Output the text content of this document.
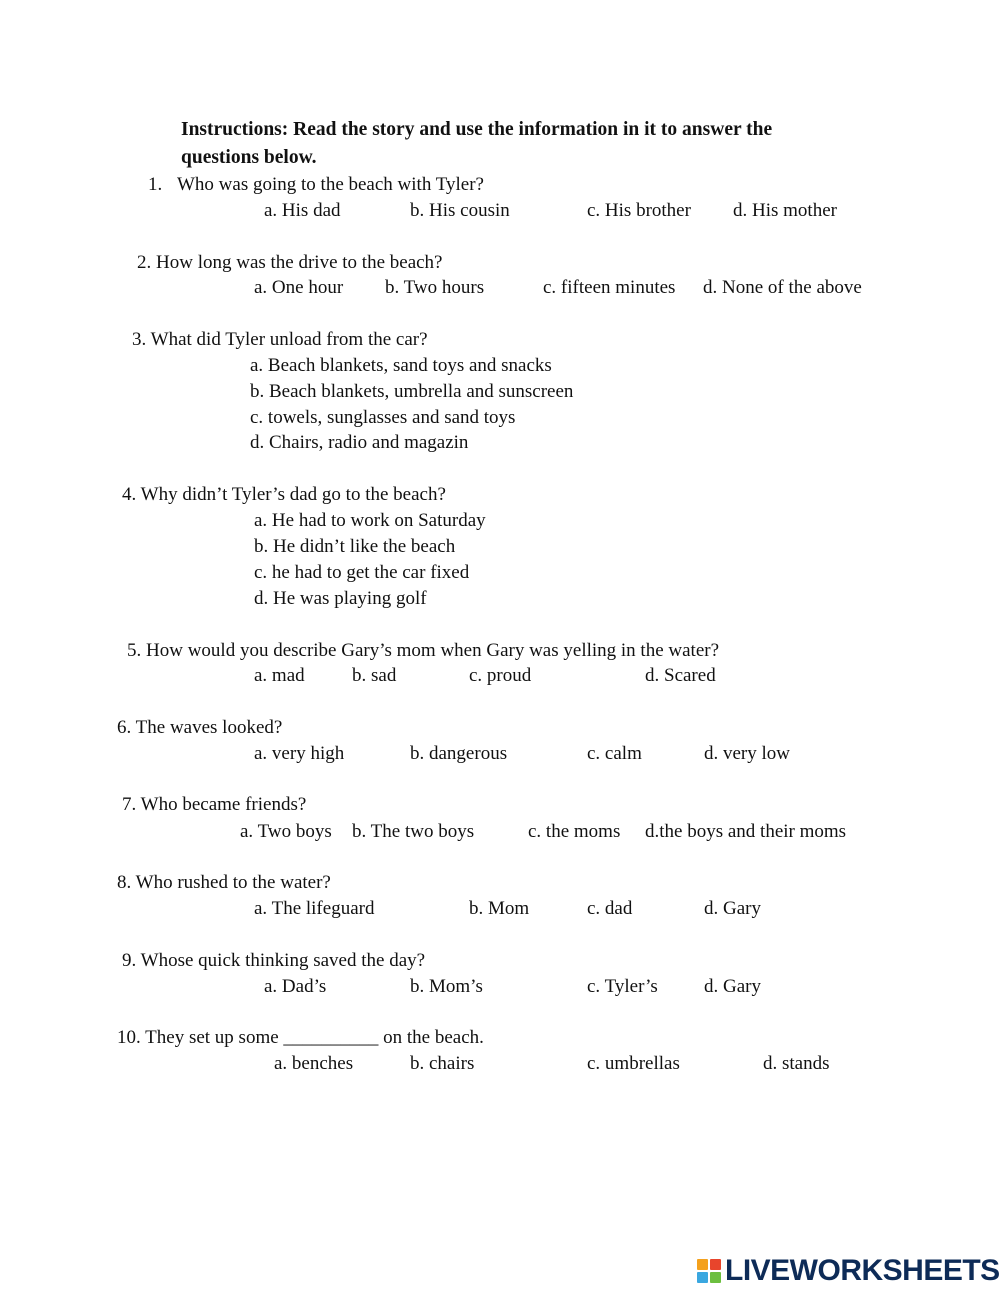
Instructions: Read the story and use the information in it to answer the
questions below.
1. Who was going to the beach with Tyler?
a. His dad	b. His cousin	c. His brother d. His mother
2. How long was the drive to the beach?
a. One hour b. Two hours	c. fifteen minutes d. None of the above
3. What did Tyler unload from the car?
a. Beach blankets, sand toys and snacks
b. Beach blankets, umbrella and sunscreen
c. towels, sunglasses and sand toys
d. Chairs, radio and magazin
4. Why didn’t Tyler’s dad go to the beach?
a. He had to work on Saturday
b. He didn’t like the beach
c. he had to get the car fixed
d. He was playing golf
5. How would you describe Gary’s mom when Gary was yelling in the water?
a. mad b. sad	c. proud	d. Scared
6. The waves looked?
a. very high	b. dangerous	c. calm	d. very low
7. Who became friends?
a. Two boys b. The two boys	c. the moms d.the boys and their moms
8. Who rushed to the water?
a. The lifeguard	b. Mom	c. dad	d. Gary
9. Whose quick thinking saved the day?
a. Dad’s	b. Mom’s	c. Tyler’s d. Gary
10. They set up some __________ on the beach.
a. benches	b. chairs	c. umbrellas	d. stands
LIVEWORKSHEETS
